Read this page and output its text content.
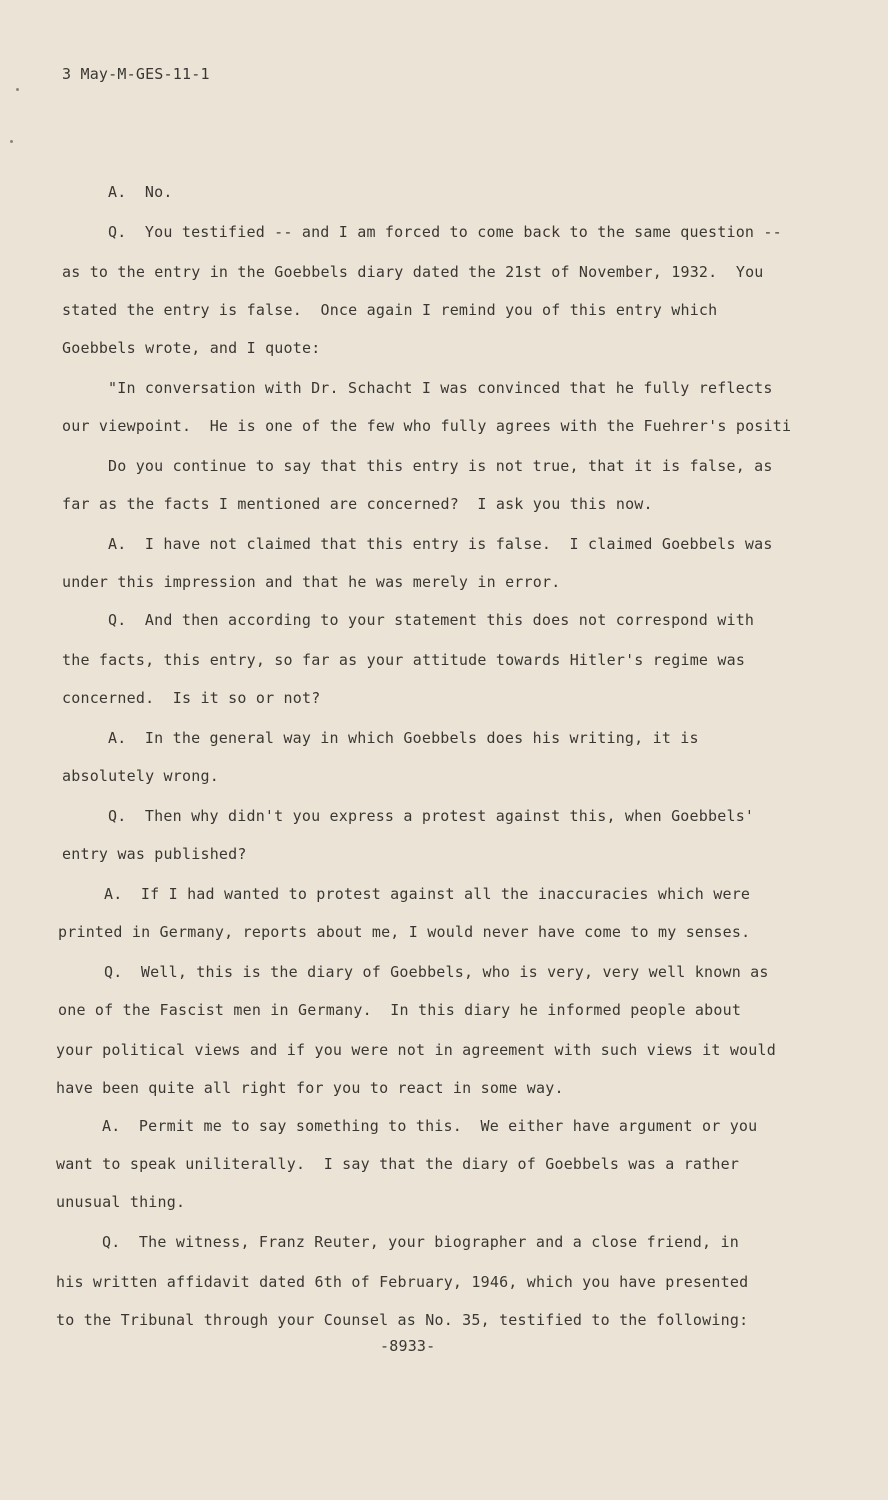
3 May-M-GES-11-1
A.  No.
Q.  You testified -- and I am forced to come back to the same question --
as to the entry in the Goebbels diary dated the 21st of November, 1932.  You
stated the entry is false.  Once again I remind you of this entry which
Goebbels wrote, and I quote:
"In conversation with Dr. Schacht I was convinced that he fully reflects
our viewpoint.  He is one of the few who fully agrees with the Fuehrer's positi
Do you continue to say that this entry is not true, that it is false, as
far as the facts I mentioned are concerned?  I ask you this now.
A.  I have not claimed that this entry is false.  I claimed Goebbels was
under this impression and that he was merely in error.
Q.  And then according to your statement this does not correspond with
the facts, this entry, so far as your attitude towards Hitler's regime was
concerned.  Is it so or not?
A.  In the general way in which Goebbels does his writing, it is
absolutely wrong.
Q.  Then why didn't you express a protest against this, when Goebbels'
entry was published?
A.  If I had wanted to protest against all the inaccuracies which were
printed in Germany, reports about me, I would never have come to my senses.
Q.  Well, this is the diary of Goebbels, who is very, very well known as
one of the Fascist men in Germany.  In this diary he informed people about
your political views and if you were not in agreement with such views it would
have been quite all right for you to react in some way.
A.  Permit me to say something to this.  We either have argument or you
want to speak uniliterally.  I say that the diary of Goebbels was a rather
unusual thing.
Q.  The witness, Franz Reuter, your biographer and a close friend, in
his written affidavit dated 6th of February, 1946, which you have presented
to the Tribunal through your Counsel as No. 35, testified to the following:
-8933-
